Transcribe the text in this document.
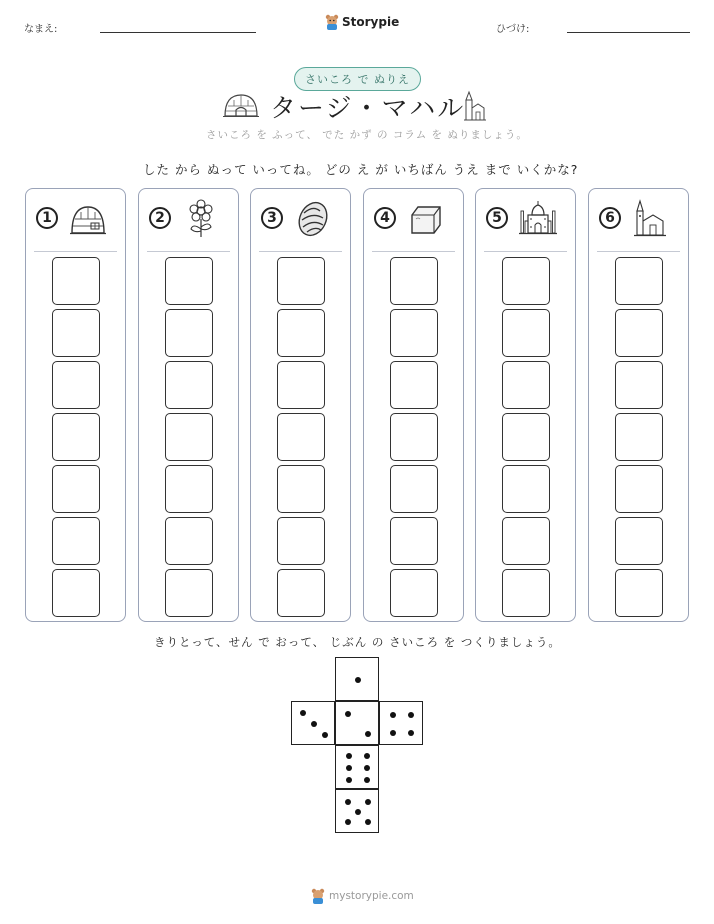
なまえ:
Storypie
ひづけ:
さいころ で ぬりえ
タージ・マハル
さいころ を ふって、 でた かず の コラム を ぬりましょう。
した から ぬって いってね。 どの え が いちばん うえ まで いくかな?
1	2	3	4	5	6
きりとって、せん で おって、 じぶん の さいころ を つくりましょう。
mystorypie.com
